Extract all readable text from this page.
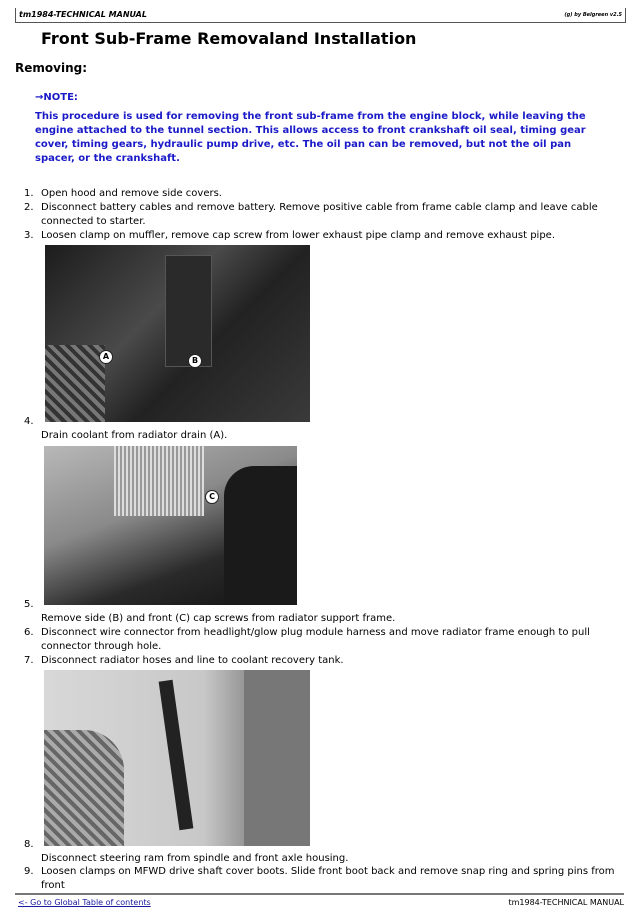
tm1984-TECHNICAL MANUAL	(g) by Belgreen v2.5
Front Sub-Frame Removaland Installation
Removing:
→NOTE:
This procedure is used for removing the front sub-frame from the engine block, while leaving the engine attached to the tunnel section. This allows access to front crankshaft oil seal, timing gear cover, timing gears, hydraulic pump drive, etc. The oil pan can be removed, but not the oil pan spacer, or the crankshaft.
1. Open hood and remove side covers.
2. Disconnect battery cables and remove battery. Remove positive cable from frame cable clamp and leave cable connected to starter.
3. Loosen clamp on muffler, remove cap screw from lower exhaust pipe clamp and remove exhaust pipe.
A	B
4.
Drain coolant from radiator drain (A).
C
5.
Remove side (B) and front (C) cap screws from radiator support frame.
6. Disconnect wire connector from headlight/glow plug module harness and move radiator frame enough to pull connector through hole.
7. Disconnect radiator hoses and line to coolant recovery tank.
8.
Disconnect steering ram from spindle and front axle housing.
9. Loosen clamps on MFWD drive shaft cover boots. Slide front boot back and remove snap ring and spring pins from front
<- Go to Global Table of contents	tm1984-TECHNICAL MANUAL
